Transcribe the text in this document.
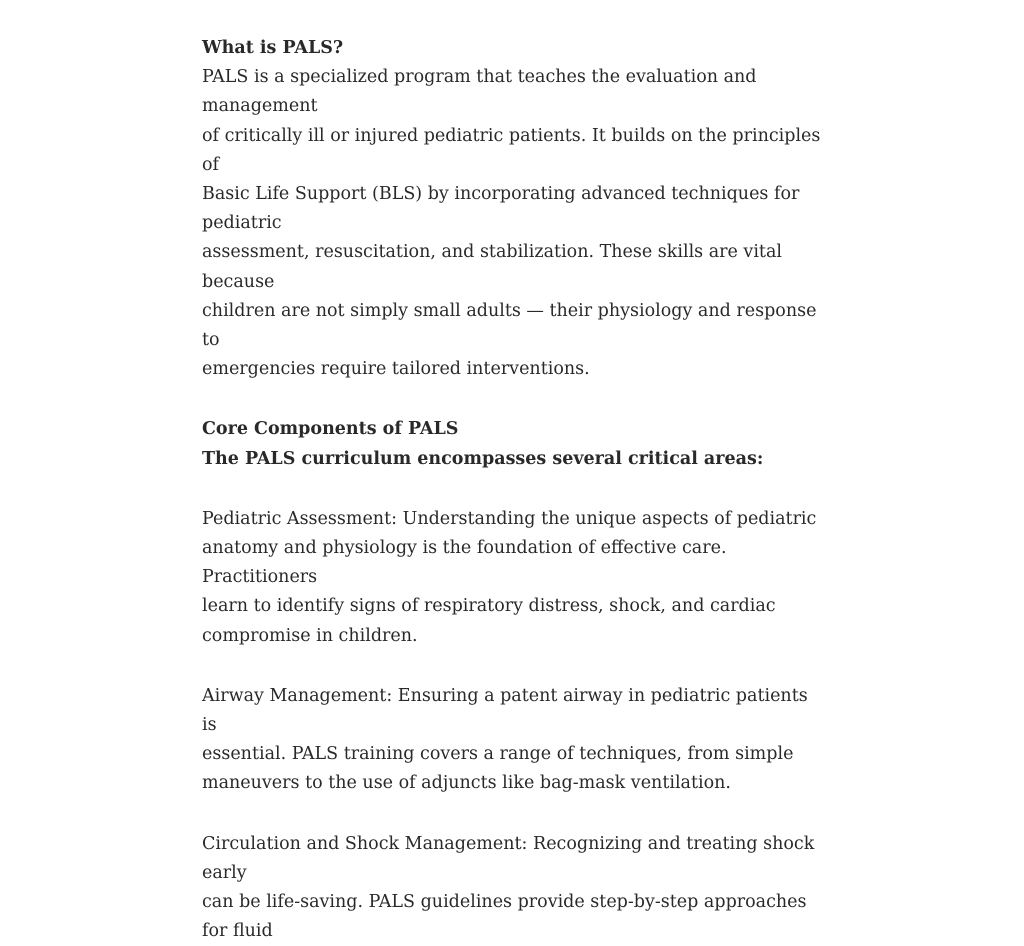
What is PALS?

PALS is a specialized program that teaches the evaluation and management
of critically ill or injured pediatric patients. It builds on the principles of
Basic Life Support (BLS) by incorporating advanced techniques for pediatric
assessment, resuscitation, and stabilization. These skills are vital because
children are not simply small adults — their physiology and response to
emergencies require tailored interventions.

Core Components of PALS

The PALS curriculum encompasses several critical areas:

Pediatric Assessment: Understanding the unique aspects of pediatric
anatomy and physiology is the foundation of effective care. Practitioners
learn to identify signs of respiratory distress, shock, and cardiac
compromise in children.

Airway Management: Ensuring a patent airway in pediatric patients is
essential. PALS training covers a range of techniques, from simple
maneuvers to the use of adjuncts like bag-mask ventilation.

Circulation and Shock Management: Recognizing and treating shock early
can be life-saving. PALS guidelines provide step-by-step approaches for fluid
